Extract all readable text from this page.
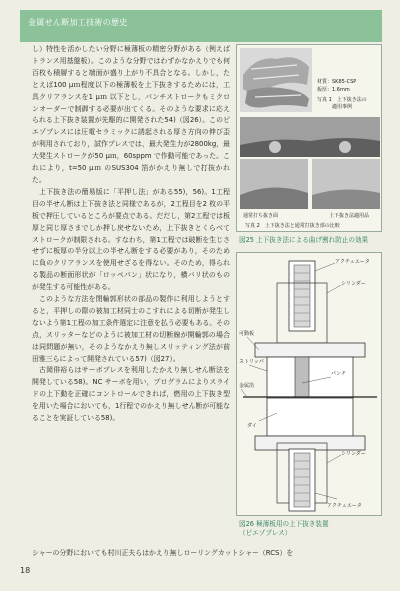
金属せん断加工技術の歴史

し）特性を活かしたい分野に極薄板の精密分野がある（例えばトランス用基盤板）。このような分野ではわずかなかえりでも何百枚も積層すると端面が盛り上がり不具合となる。しかし，たとえば100 μｍ程度以下の極薄板を上下抜きするためには，工具クリアランスを1 μｍ 以下とし，パンチストロークもミクロンオーダーで制御する必要が出てくる。そのような要求に応えられる上下抜き装置が先駆的に開発された54)（図26）。このピエゾプレスには圧電セラミックに誘起される厚さ方向の伸び歪が利用されており，試作プレスでは，最大発生力が2800kg，最大発生ストロークが50 μｍ，60sppm で作動可能であった。これにより，t=50 μｍ のSUS304 箔がかえり無しで打抜かれた。

上下抜き法の簡易版に「平押し法」がある55)，56)。1工程目の半せん断は上下抜き法と同様であるが，2工程目を2 枚の平板で押圧しているところが要点である。だだし，第2工程では板厚と同じ厚さまでしか押し戻せないため，上下抜きとくらべてストロークが制限される。すなわち，第1工程では破断を生じさせずに板厚の半分以上の半せん断をする必要があり，そのために負のクリアランスを使用せざるを得ない。そのため，得られる製品の断面形状が「ロッペパン」状になり，横バリ状のものが発生する可能性がある。

このような方法を閉輪郭形状の部品の製作に利用しようとすると，平押しの際の被加工材同士のこすれによる切断が発生しないよう第1工程の加工条件選定に注意を払う必要もある。その点，スリッターなどのように被加工材の切断線が開輪郭の場合は同問題が無い，そのようなかえり無しスリッティング法が前田雅三らによって開発されている57)（図27）。

古岡俳裕らはサーボプレスを利用したかえり無しせん断法を開発している58)。NC サーボを用い，プログラムによりスライドの上下動を正確にコントロールできれば，燃用の上下抜き型を用いた場合においても，1行程でのかえり無しせん断が可能なることを実証している58)。

材質：SK85-CSP
板厚：1.6mm
写真 1　上下抜き法の
適用事例
通常打ち抜き面	上下抜き法適用品
写真 2　上下抜き法と通常打抜き部の比較
図25 上下抜き法による曲げ割れ防止の効果
アクチュエータ
シリンダー
可動板
ストリッパ
パンチ
金属箔
ダイ
シリンダー
アクチュエータ
図26 極薄板用の上下抜き装置
（ピエゾプレス）
シャーの分野においても村川正夫らはかえり無しローリングカットシャー（RCS）を
18
